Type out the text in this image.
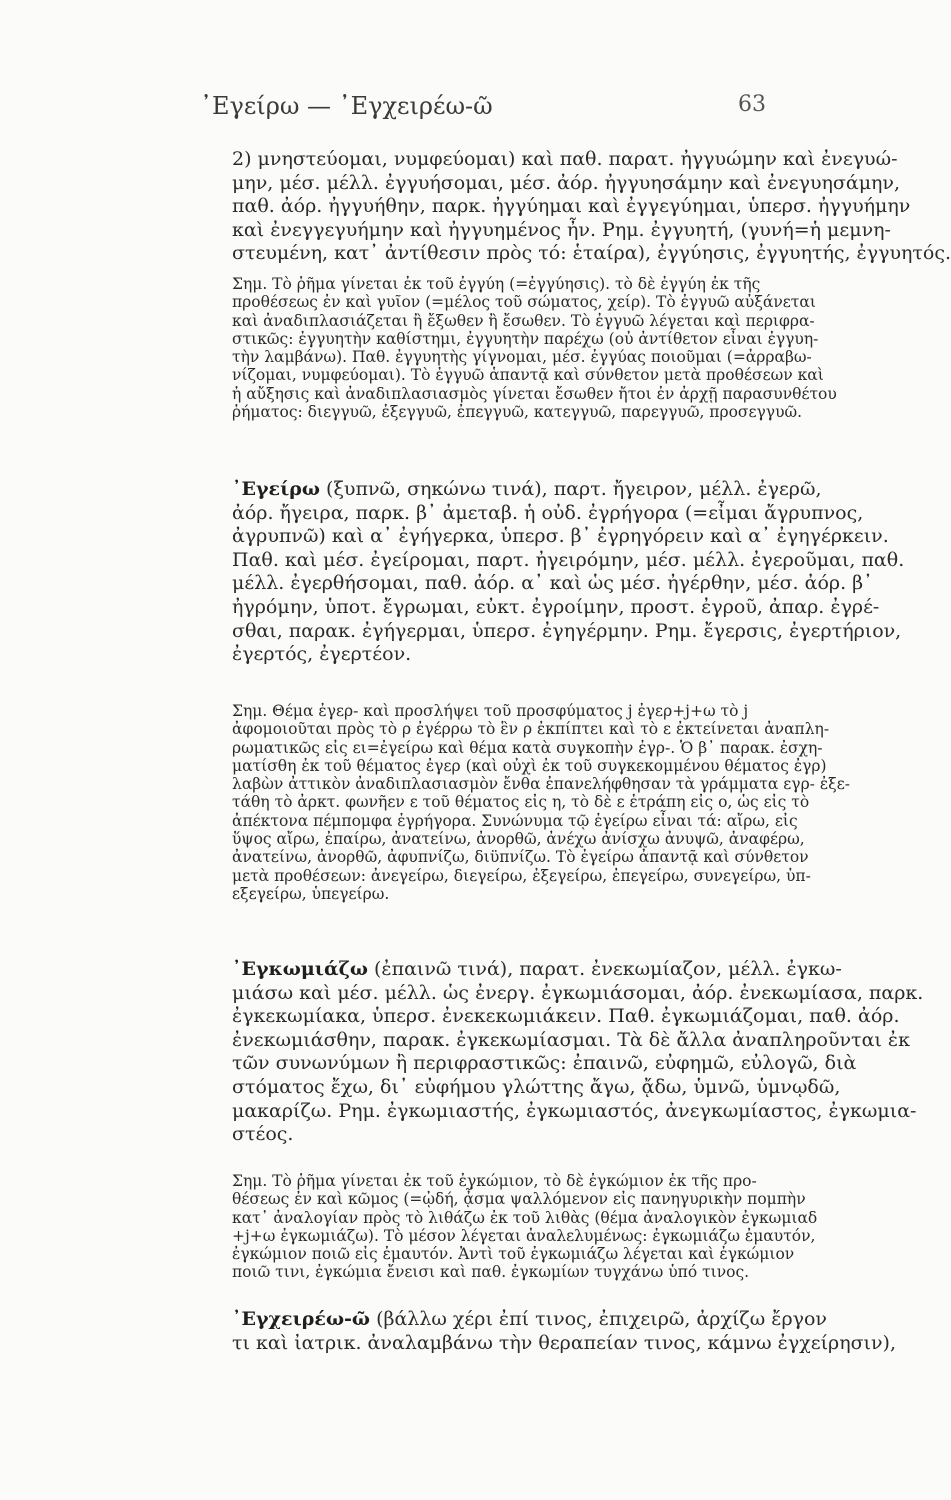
᾿Εγείρω — ᾿Εγχειρέω-ῶ	63

2) μνηστεύομαι, νυμφεύομαι) καὶ παθ. παρατ. ἠγγυώμην καὶ ἐνεγυώ-

μην, μέσ. μέλλ. ἐγγυήσομαι, μέσ. ἀόρ. ἠγγυησάμην καὶ ἐνεγυησάμην,

παθ. ἀόρ. ἠγγυήθην, παρκ. ἠγγύημαι καὶ ἐγγεγύημαι, ὑπερσ. ἠγγυήμην

καὶ ἐνεγγεγυήμην καὶ ἠγγυημένος ἦν. Ρημ. ἐγγυητή, (γυνή=ἡ μεμνη-

στευμένη, κατ᾿ ἀντίθεσιν πρὸς τό: ἑταίρα), ἐγγύησις, ἐγγυητής, ἐγγυητός.

Σημ. Τὸ ῥῆμα γίνεται ἐκ τοῦ ἐγγύη (=ἐγγύησις). τὸ δὲ ἐγγύη ἐκ τῆς

προθέσεως ἐν καὶ γυῖον (=μέλος τοῦ σώματος, χείρ). Τὸ ἐγγυῶ αὐξάνεται

καὶ ἀναδιπλασιάζεται ἢ ἔξωθεν ἢ ἔσωθεν. Τὸ ἐγγυῶ λέγεται καὶ περιφρα-

στικῶς: ἐγγυητὴν καθίστημι, ἐγγυητὴν παρέχω (οὐ ἀντίθετον εἶναι ἐγγυη-

τὴν λαμβάνω). Παθ. ἐγγυητὴς γίγνομαι, μέσ. ἐγγύας ποιοῦμαι (=ἀρραβω-

νίζομαι, νυμφεύομαι). Τὸ ἐγγυῶ ἁπαντᾷ καὶ σύνθετον μετὰ προθέσεων καὶ

ἡ αὔξησις καὶ ἀναδιπλασιασμὸς γίνεται ἔσωθεν ἤτοι ἐν ἀρχῇ παρασυνθέτου

ῥήματος: διεγγυῶ, ἐξεγγυῶ, ἐπεγγυῶ, κατεγγυῶ, παρεγγυῶ, προσεγγυῶ.

᾿Εγείρω (ξυπνῶ, σηκώνω τινά), παρτ. ἤγειρον, μέλλ. ἐγερῶ,

ἀόρ. ἤγειρα, παρκ. β᾿ ἀμεταβ. ἡ οὐδ. ἐγρήγορα (=εἶμαι ἄγρυπνος,

ἀγρυπνῶ) καὶ α᾿ ἐγήγερκα, ὑπερσ. β᾿ ἐγρηγόρειν καὶ α᾿ ἐγηγέρκειν.

Παθ. καὶ μέσ. ἐγείρομαι, παρτ. ἠγειρόμην, μέσ. μέλλ. ἐγεροῦμαι, παθ.

μέλλ. ἐγερθήσομαι, παθ. ἀόρ. α᾿ καὶ ὡς μέσ. ἠγέρθην, μέσ. ἀόρ. β᾿

ἠγρόμην, ὑποτ. ἔγρωμαι, εὐκτ. ἐγροίμην, προστ. ἐγροῦ, ἀπαρ. ἐγρέ-

σθαι, παρακ. ἐγήγερμαι, ὑπερσ. ἐγηγέρμην. Ρημ. ἔγερσις, ἐγερτήριον,

ἐγερτός, ἐγερτέον.

Σημ. Θέμα ἐγερ- καὶ προσλήψει τοῦ προσφύματος j ἐγερ+j+ω τὸ j

ἀφομοιοῦται πρὸς τὸ ρ ἐγέρρω τὸ ἓν ρ ἐκπίπτει καὶ τὸ ε ἐκτείνεται ἀναπλη-

ρωματικῶς εἰς ει=ἐγείρω καὶ θέμα κατὰ συγκοπὴν ἐγρ-. Ὁ β᾿ παρακ. ἐσχη-

ματίσθη ἐκ τοῦ θέματος ἐγερ (καὶ οὐχὶ ἐκ τοῦ συγκεκομμένου θέματος ἐγρ)

λαβὼν ἀττικὸν ἀναδιπλασιασμὸν ἔνθα ἐπανελήφθησαν τὰ γράμματα εγρ- ἐξε-

τάθη τὸ ἀρκτ. φωνῆεν ε τοῦ θέματος εἰς η, τὸ δὲ ε ἐτράπη εἰς ο, ὡς εἰς τὸ

ἀπέκτονα πέμπομφα ἐγρήγορα. Συνώνυμα τῷ ἐγείρω εἶναι τά: αἴρω, εἰς

ὕψος αἴρω, ἐπαίρω, ἀνατείνω, ἀνορθῶ, ἀνέχω ἀνίσχω ἀνυψῶ, ἀναφέρω,

ἀνατείνω, ἀνορθῶ, ἀφυπνίζω, διϋπνίζω. Τὸ ἐγείρω ἀπαντᾷ καὶ σύνθετον

μετὰ προθέσεων: ἀνεγείρω, διεγείρω, ἐξεγείρω, ἐπεγείρω, συνεγείρω, ὑπ-

εξεγείρω, ὑπεγείρω.

᾿Εγκωμιάζω (ἐπαινῶ τινά), παρατ. ἐνεκωμίαζον, μέλλ. ἐγκω-

μιάσω καὶ μέσ. μέλλ. ὡς ἐνεργ. ἐγκωμιάσομαι, ἀόρ. ἐνεκωμίασα, παρκ.

ἐγκεκωμίακα, ὑπερσ. ἐνεκεκωμιάκειν. Παθ. ἐγκωμιάζομαι, παθ. ἀόρ.

ἐνεκωμιάσθην, παρακ. ἐγκεκωμίασμαι. Τὰ δὲ ἄλλα ἀναπληροῦνται ἐκ

τῶν συνωνύμων ἢ περιφραστικῶς: ἐπαινῶ, εὐφημῶ, εὐλογῶ, διὰ

στόματος ἔχω, δι᾿ εὐφήμου γλώττης ἄγω, ᾄδω, ὑμνῶ, ὑμνῳδῶ,

μακαρίζω. Ρημ. ἐγκωμιαστής, ἐγκωμιαστός, ἀνεγκωμίαστος, ἐγκωμια-

στέος.

Σημ. Τὸ ῥῆμα γίνεται ἐκ τοῦ ἐγκώμιον, τὸ δὲ ἐγκώμιον ἐκ τῆς προ-

θέσεως ἐν καὶ κῶμος (=ᾠδή, ᾆσμα ψαλλόμενον εἰς πανηγυρικὴν πομπὴν

κατ᾿ ἀναλογίαν πρὸς τὸ λιθάζω ἐκ τοῦ λιθὰς (θέμα ἀναλογικὸν ἐγκωμιαδ

+j+ω ἐγκωμιάζω). Τὸ μέσον λέγεται ἀναλελυμένως: ἐγκωμιάζω ἐμαυτόν,

ἐγκώμιον ποιῶ εἰς ἐμαυτόν. Ἀντὶ τοῦ ἐγκωμιάζω λέγεται καὶ ἐγκώμιον

ποιῶ τινι, ἐγκώμια ἔνεισι καὶ παθ. ἐγκωμίων τυγχάνω ὑπό τινος.

᾿Εγχειρέω-ῶ (βάλλω χέρι ἐπί τινος, ἐπιχειρῶ, ἀρχίζω ἔργον

τι καὶ ἰατρικ. ἀναλαμβάνω τὴν θεραπείαν τινος, κάμνω ἐγχείρησιν),
